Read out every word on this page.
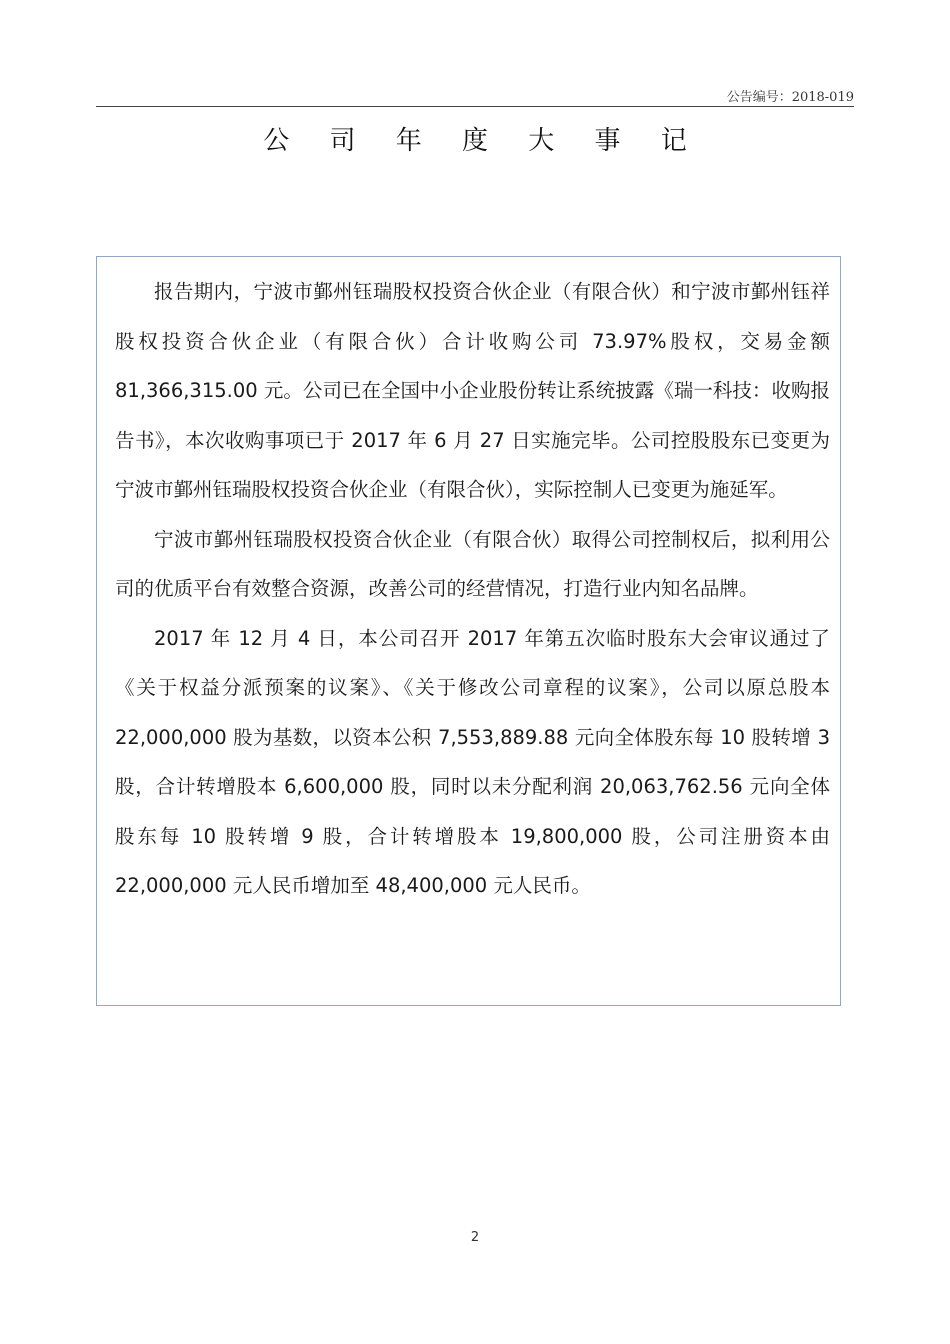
公告编号：2018-019
公 司 年 度 大 事 记

报告期内，宁波市鄞州钰瑞股权投资合伙企业（有限合伙）和宁波市鄞州钰祥股权投资合伙企业（有限合伙）合计收购公司 73.97%股权，交易金额 81,366,315.00 元。公司已在全国中小企业股份转让系统披露《瑞一科技：收购报告书》，本次收购事项已于 2017 年 6 月 27 日实施完毕。公司控股股东已变更为宁波市鄞州钰瑞股权投资合伙企业（有限合伙），实际控制人已变更为施延军。

宁波市鄞州钰瑞股权投资合伙企业（有限合伙）取得公司控制权后，拟利用公司的优质平台有效整合资源，改善公司的经营情况，打造行业内知名品牌。

2017 年 12 月 4 日，本公司召开 2017 年第五次临时股东大会审议通过了《关于权益分派预案的议案》、《关于修改公司章程的议案》，公司以原总股本 22,000,000 股为基数，以资本公积 7,553,889.88 元向全体股东每 10 股转增 3 股，合计转增股本 6,600,000 股，同时以未分配利润 20,063,762.56 元向全体股东每 10 股转增 9 股，合计转增股本 19,800,000 股，公司注册资本由 22,000,000 元人民币增加至 48,400,000 元人民币。

2
